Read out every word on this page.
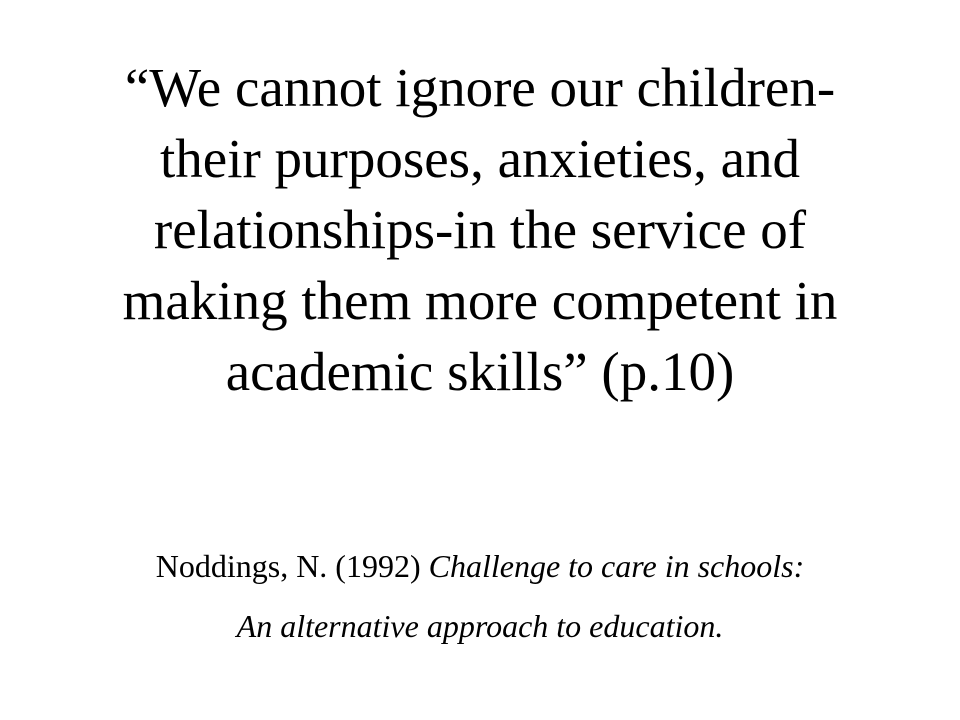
“We cannot ignore our children-
their purposes, anxieties, and
relationships-in the service of
making them more competent in
academic skills” (p.10)
Noddings, N. (1992) Challenge to care in schools:
An alternative approach to education.
